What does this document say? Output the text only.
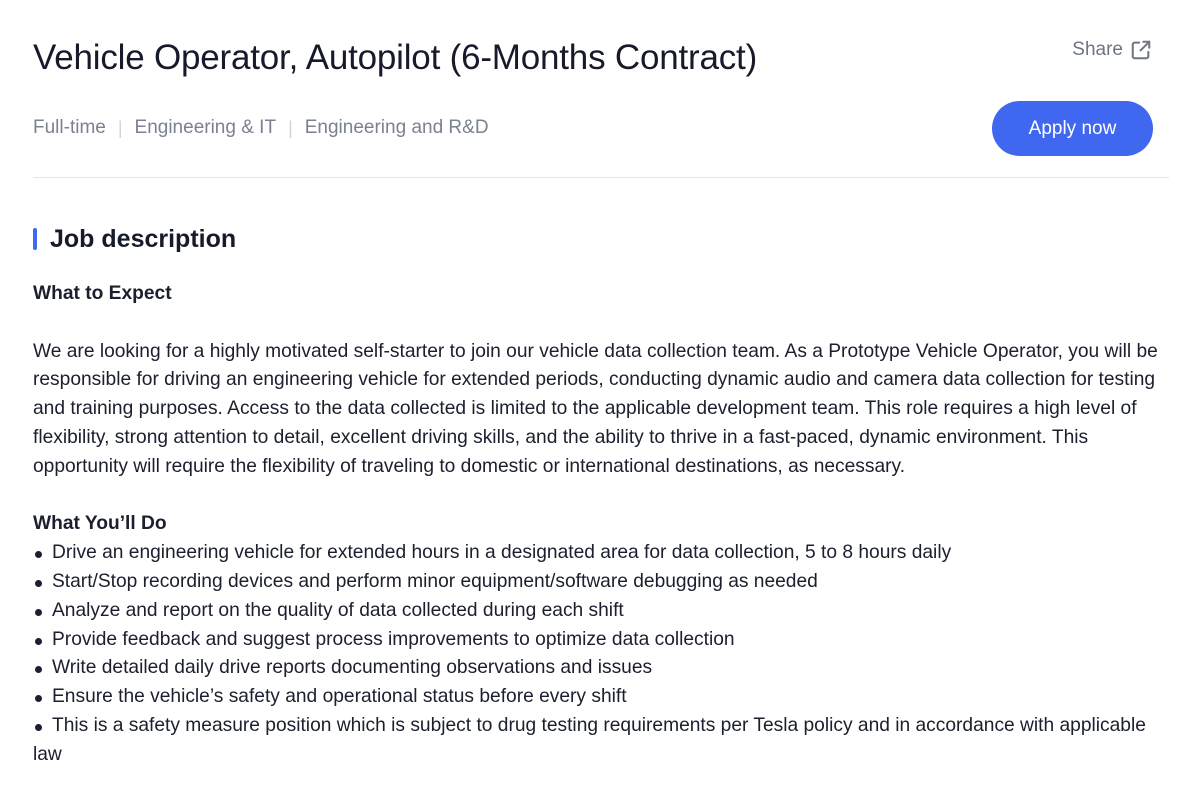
Vehicle Operator, Autopilot (6-Months Contract)	Share
Full-time | Engineering & IT | Engineering and R&D	Apply now
Job description
What to Expect

We are looking for a highly motivated self-starter to join our vehicle data collection team. As a Prototype Vehicle Operator, you will be responsible for driving an engineering vehicle for extended periods, conducting dynamic audio and camera data collection for testing and training purposes. Access to the data collected is limited to the applicable development team. This role requires a high level of flexibility, strong attention to detail, excellent driving skills, and the ability to thrive in a fast-paced, dynamic environment. This opportunity will require the flexibility of traveling to domestic or international destinations, as necessary.

What You’ll Do
Drive an engineering vehicle for extended hours in a designated area for data collection, 5 to 8 hours daily
Start/Stop recording devices and perform minor equipment/software debugging as needed
Analyze and report on the quality of data collected during each shift
Provide feedback and suggest process improvements to optimize data collection
Write detailed daily drive reports documenting observations and issues
Ensure the vehicle’s safety and operational status before every shift
This is a safety measure position which is subject to drug testing requirements per Tesla policy and in accordance with applicable law
